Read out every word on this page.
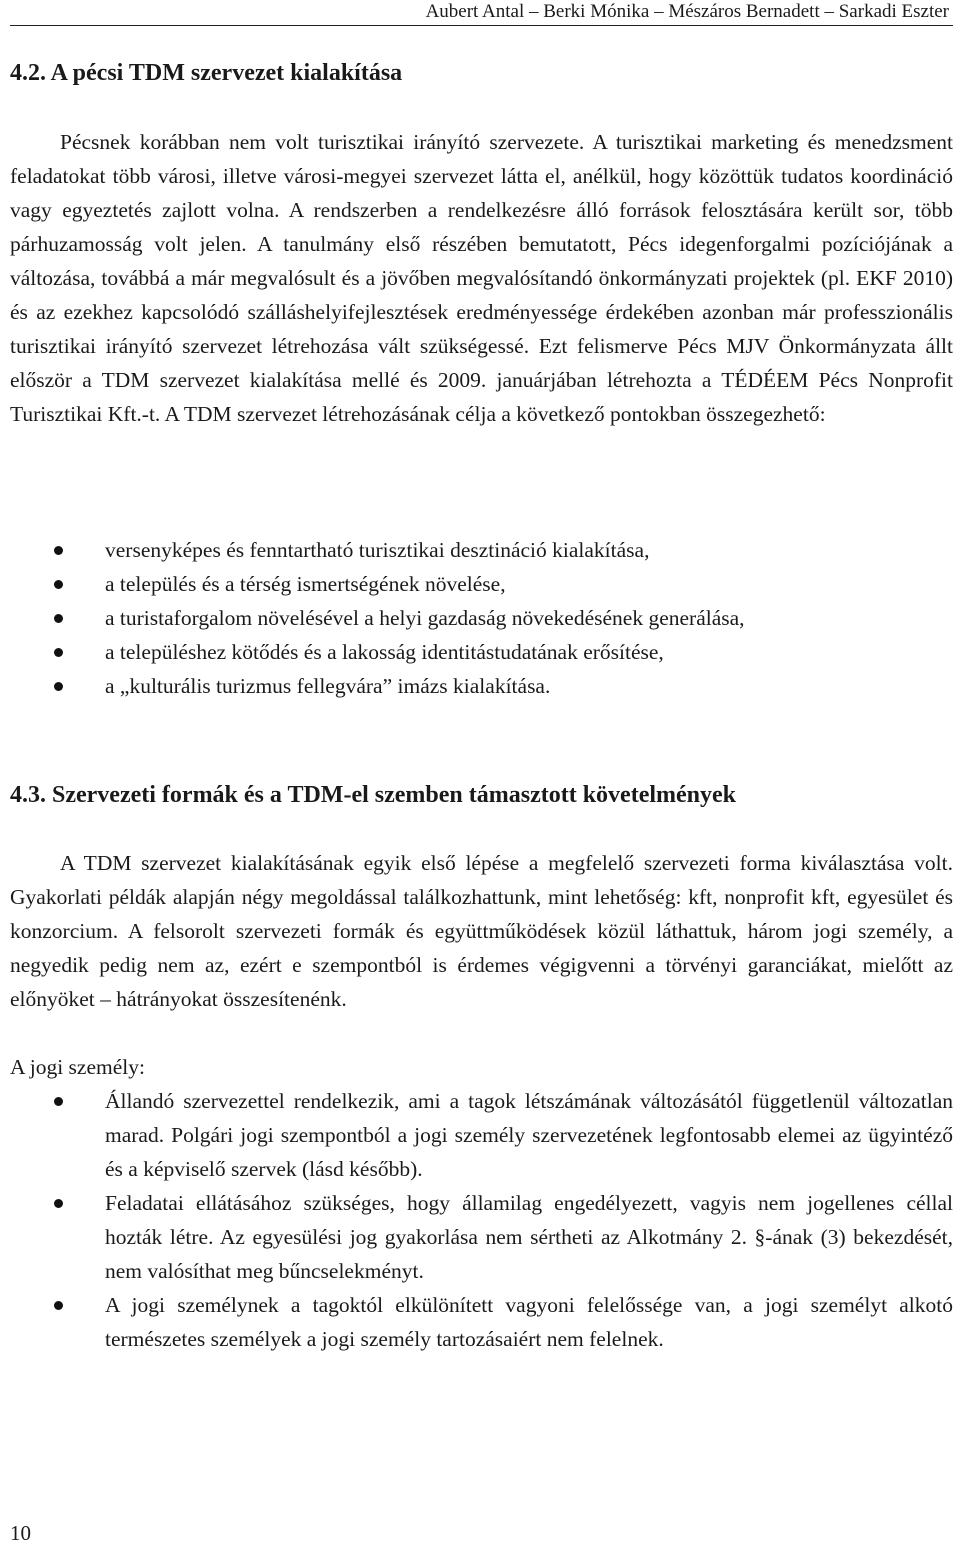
Aubert Antal – Berki Mónika – Mészáros Bernadett – Sarkadi Eszter
4.2. A pécsi TDM szervezet kialakítása

Pécsnek korábban nem volt turisztikai irányító szervezete. A turisztikai marketing és menedzsment feladatokat több városi, illetve városi-megyei szervezet látta el, anélkül, hogy közöttük tudatos koordináció vagy egyeztetés zajlott volna. A rendszerben a rendelkezésre álló források felosztására került sor, több párhuzamosság volt jelen. A tanulmány első részében bemutatott, Pécs idegenforgalmi pozíciójának a változása, továbbá a már megvalósult és a jövőben megvalósítandó önkormányzati projektek (pl. EKF 2010) és az ezekhez kapcsolódó szálláshelyifejlesztések eredményessége érdekében azonban már professzionális turisztikai irányító szervezet létrehozása vált szükségessé. Ezt felismerve Pécs MJV Önkormányzata állt először a TDM szervezet kialakítása mellé és 2009. januárjában létrehozta a TÉDÉEM Pécs Nonprofit Turisztikai Kft.-t. A TDM szervezet létrehozásának célja a következő pontokban összegezhető:

versenyképes és fenntartható turisztikai desztináció kialakítása,
a település és a térség ismertségének növelése,
a turistaforgalom növelésével a helyi gazdaság növekedésének generálása,
a településhez kötődés és a lakosság identitástudatának erősítése,
a „kulturális turizmus fellegvára” imázs kialakítása.
4.3. Szervezeti formák és a TDM-el szemben támasztott követelmények

A TDM szervezet kialakításának egyik első lépése a megfelelő szervezeti forma kiválasztása volt. Gyakorlati példák alapján négy megoldással találkozhattunk, mint lehetőség: kft, nonprofit kft, egyesület és konzorcium. A felsorolt szervezeti formák és együttműködések közül láthattuk, három jogi személy, a negyedik pedig nem az, ezért e szempontból is érdemes végigvenni a törvényi garanciákat, mielőtt az előnyöket – hátrányokat összesítenénk.

A jogi személy:

Állandó szervezettel rendelkezik, ami a tagok létszámának változásától függetlenül változatlan marad. Polgári jogi szempontból a jogi személy szervezetének legfontosabb elemei az ügyintéző és a képviselő szervek (lásd később).
Feladatai ellátásához szükséges, hogy államilag engedélyezett, vagyis nem jogellenes céllal hozták létre. Az egyesülési jog gyakorlása nem sértheti az Alkotmány 2. §-ának (3) bekezdését, nem valósíthat meg bűncselekményt.
A jogi személynek a tagoktól elkülönített vagyoni felelőssége van, a jogi személyt alkotó természetes személyek a jogi személy tartozásaiért nem felelnek.
10
